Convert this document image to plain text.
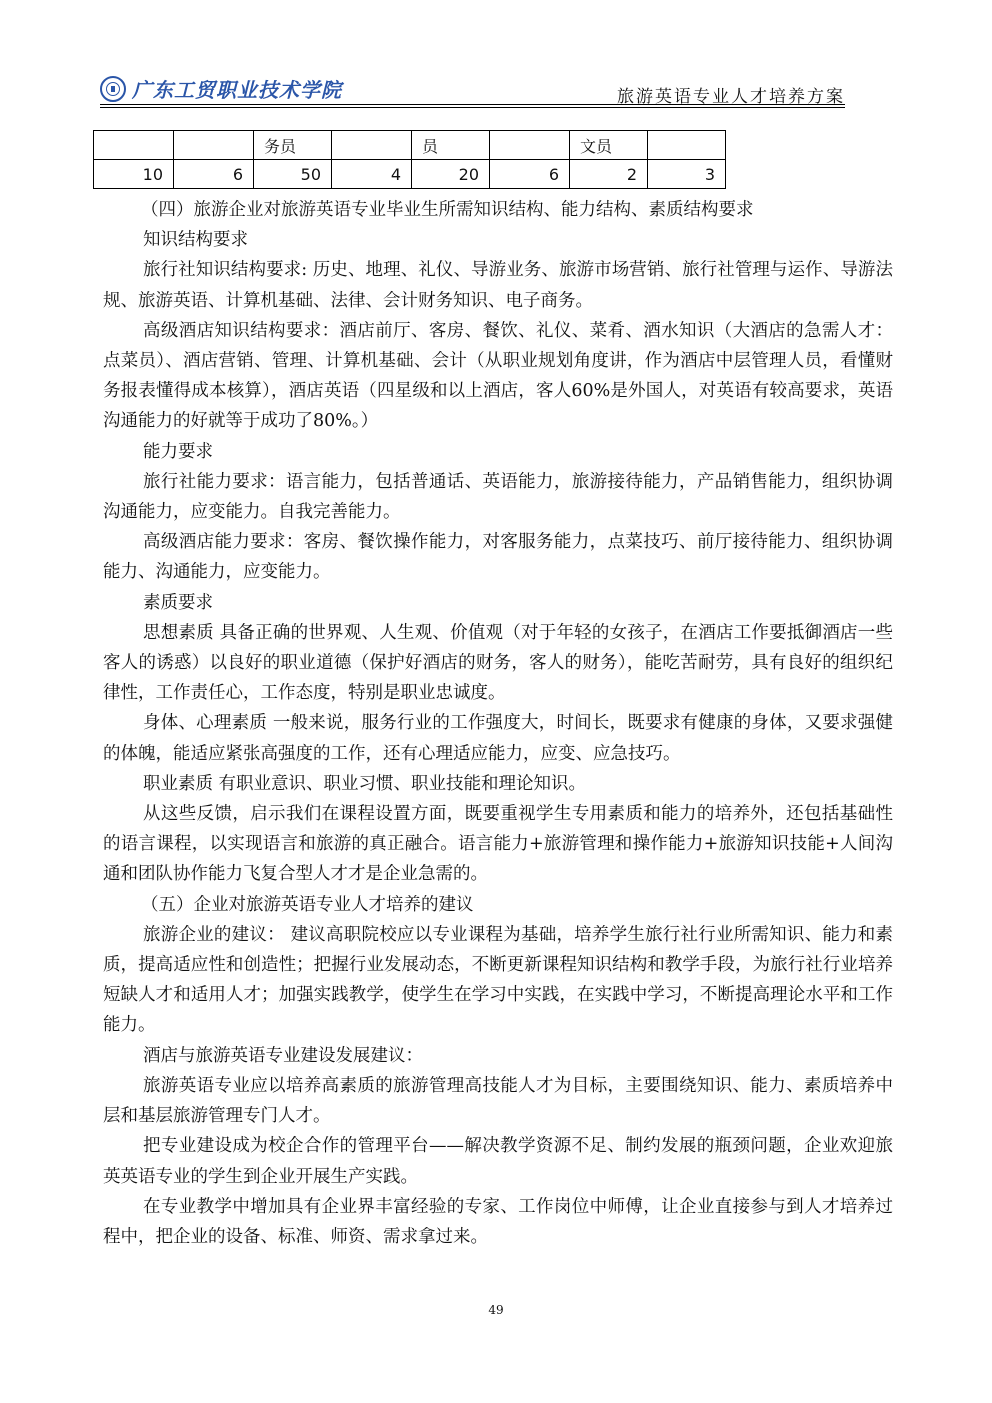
广东工贸职业技术学院	旅游英语专业人才培养方案
		务员		员		文员	
10	6	50	4	20	6	2	3

（四）旅游企业对旅游英语专业毕业生所需知识结构、能力结构、素质结构要求

知识结构要求

旅行社知识结构要求: 历史、地理、礼仪、导游业务、旅游市场营销、旅行社管理与运作、导游法规、旅游英语、计算机基础、法律、会计财务知识、电子商务。

高级酒店知识结构要求：酒店前厅、客房、餐饮、礼仪、菜肴、酒水知识（大酒店的急需人才：点菜员）、酒店营销、管理、计算机基础、会计（从职业规划角度讲，作为酒店中层管理人员，看懂财务报表懂得成本核算），酒店英语（四星级和以上酒店，客人60%是外国人，对英语有较高要求，英语沟通能力的好就等于成功了80%。）

能力要求

旅行社能力要求：语言能力，包括普通话、英语能力，旅游接待能力，产品销售能力，组织协调沟通能力，应变能力。自我完善能力。

高级酒店能力要求：客房、餐饮操作能力，对客服务能力，点菜技巧、前厅接待能力、组织协调能力、沟通能力，应变能力。

素质要求

思想素质 具备正确的世界观、人生观、价值观（对于年轻的女孩子，在酒店工作要抵御酒店一些客人的诱惑）以良好的职业道德（保护好酒店的财务，客人的财务），能吃苦耐劳，具有良好的组织纪律性，工作责任心，工作态度，特别是职业忠诚度。

身体、心理素质 一般来说，服务行业的工作强度大，时间长，既要求有健康的身体，又要求强健的体魄，能适应紧张高强度的工作，还有心理适应能力，应变、应急技巧。

职业素质 有职业意识、职业习惯、职业技能和理论知识。

从这些反馈，启示我们在课程设置方面，既要重视学生专用素质和能力的培养外，还包括基础性的语言课程，以实现语言和旅游的真正融合。语言能力+旅游管理和操作能力+旅游知识技能+人间沟通和团队协作能力飞复合型人才才是企业急需的。

（五）企业对旅游英语专业人才培养的建议

旅游企业的建议： 建议高职院校应以专业课程为基础，培养学生旅行社行业所需知识、能力和素质，提高适应性和创造性；把握行业发展动态，不断更新课程知识结构和教学手段，为旅行社行业培养短缺人才和适用人才；加强实践教学，使学生在学习中实践，在实践中学习，不断提高理论水平和工作能力。

酒店与旅游英语专业建设发展建议：

旅游英语专业应以培养高素质的旅游管理高技能人才为目标，主要围绕知识、能力、素质培养中层和基层旅游管理专门人才。

把专业建设成为校企合作的管理平台——解决教学资源不足、制约发展的瓶颈问题，企业欢迎旅英英语专业的学生到企业开展生产实践。

在专业教学中增加具有企业界丰富经验的专家、工作岗位中师傅，让企业直接参与到人才培养过程中，把企业的设备、标准、师资、需求拿过来。

49
